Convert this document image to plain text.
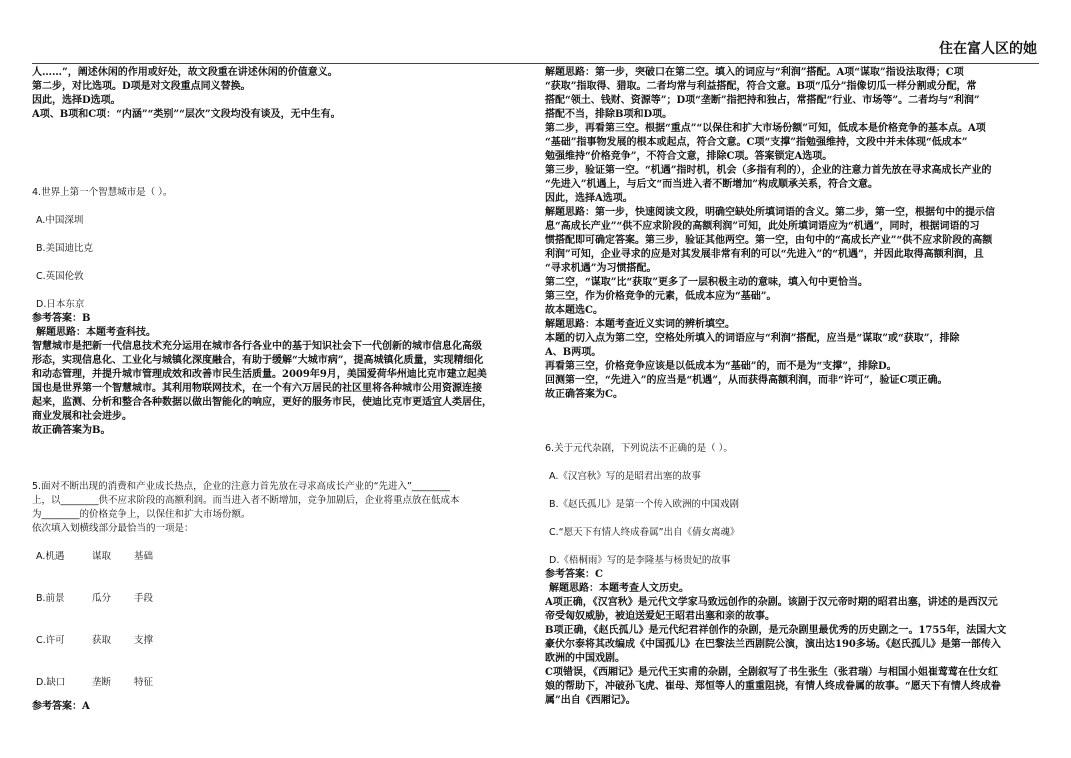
住在富人区的她

人……”，阐述休闲的作用或好处，故文段重在讲述休闲的价值意义。

第二步，对比选项。D项是对文段重点同义替换。

因此，选择D选项。

A项、B项和C项：“内涵”“类别”“层次”文段均没有谈及，无中生有。

4.世界上第一个智慧城市是（ ）。

A.中国深圳

B.美国迪比克

C.英国伦敦

D.日本东京

参考答案：B

解题思路：本题考查科技。

智慧城市是把新一代信息技术充分运用在城市各行各业中的基于知识社会下一代创新的城市信息化高级

形态，实现信息化、工业化与城镇化深度融合，有助于缓解“大城市病”，提高城镇化质量，实现精细化

和动态管理，并提升城市管理成效和改善市民生活质量。2009年9月，美国爱荷华州迪比克市建立起美

国也是世界第一个智慧城市。其利用物联网技术，在一个有六万居民的社区里将各种城市公用资源连接

起来，监测、分析和整合各种数据以做出智能化的响应，更好的服务市民，使迪比克市更适宜人类居住，

商业发展和社会进步。

故正确答案为B。

5.面对不断出现的消费和产业成长热点，企业的注意力首先放在寻求高成长产业的“先进入”________

上，以________供不应求阶段的高额利润。而当进入者不断增加，竞争加剧后，企业将重点放在低成本

为________的价格竞争上，以保住和扩大市场份额。

依次填入划横线部分最恰当的一项是：

A.机遇	谋取	基础
B.前景	瓜分	手段
C.许可	获取	支撑
D.缺口	垄断	特征

参考答案：A

解题思路：第一步，突破口在第二空。填入的词应与“利润”搭配。A项“谋取”指设法取得；C项

“获取”指取得、猎取。二者均常与利益搭配，符合文意。B项“瓜分”指像切瓜一样分割或分配，常

搭配“领土、钱财、资源等”；D项“垄断”指把持和独占，常搭配“行业、市场等”。二者均与“利润”

搭配不当，排除B项和D项。

第二步，再看第三空。根据“重点”“以保住和扩大市场份额”可知，低成本是价格竞争的基本点。A项

“基础”指事物发展的根本或起点，符合文意。C项“支撑”指勉强维持，文段中并未体现“低成本”

勉强维持“价格竞争”，不符合文意，排除C项。答案锁定A选项。

第三步，验证第一空。“机遇”指时机，机会（多指有利的），企业的注意力首先放在寻求高成长产业的

“先进入”机遇上，与后文“而当进入者不断增加”构成顺承关系，符合文意。

因此，选择A选项。

解题思路：第一步，快速阅读文段，明确空缺处所填词语的含义。第二步，第一空，根据句中的提示信

息“高成长产业”“供不应求阶段的高额利润”可知，此处所填词语应为“机遇”，同时，根据词语的习

惯搭配即可确定答案。第三步，验证其他两空。第一空，由句中的“高成长产业”“供不应求阶段的高额

利润”可知，企业寻求的应是对其发展非常有利的可以“先进入”的“机遇”，并因此取得高额利润，且

“寻求机遇”为习惯搭配。

第二空，“谋取”比“获取”更多了一层积极主动的意味，填入句中更恰当。

第三空，作为价格竞争的元素，低成本应为“基础”。

故本题选C。

解题思路：本题考查近义实词的辨析填空。

本题的切入点为第二空，空格处所填入的词语应与“利润”搭配，应当是“谋取”或“获取”，排除

A、B两项。

再看第三空，价格竞争应该是以低成本为“基础”的，而不是为“支撑”，排除D。

回测第一空，“先进入”的应当是“机遇”，从而获得高额利润，而非“许可”，验证C项正确。

故正确答案为C。

6.关于元代杂剧，下列说法不正确的是（ ）。

A.《汉宫秋》写的是昭君出塞的故事

B.《赵氏孤儿》是第一个传入欧洲的中国戏剧

C.“愿天下有情人终成眷属”出自《倩女离魂》

D.《梧桐雨》写的是李隆基与杨贵妃的故事

参考答案：C

解题思路：本题考查人文历史。

A项正确，《汉宫秋》是元代文学家马致远创作的杂剧。该剧于汉元帝时期的昭君出塞，讲述的是西汉元

帝受匈奴威胁，被迫送爱妃王昭君出塞和亲的故事。

B项正确，《赵氏孤儿》是元代纪君祥创作的杂剧，是元杂剧里最优秀的历史剧之一。1755年，法国大文

豪伏尔泰将其改编成《中国孤儿》在巴黎法兰西剧院公演，演出达190多场。《赵氏孤儿》是第一部传入

欧洲的中国戏剧。

C项错误，《西厢记》是元代王实甫的杂剧，全剧叙写了书生张生（张君瑞）与相国小姐崔莺莺在仕女红

娘的帮助下，冲破孙飞虎、崔母、郑恒等人的重重阻挠，有情人终成眷属的故事。“愿天下有情人终成眷

属”出自《西厢记》。
